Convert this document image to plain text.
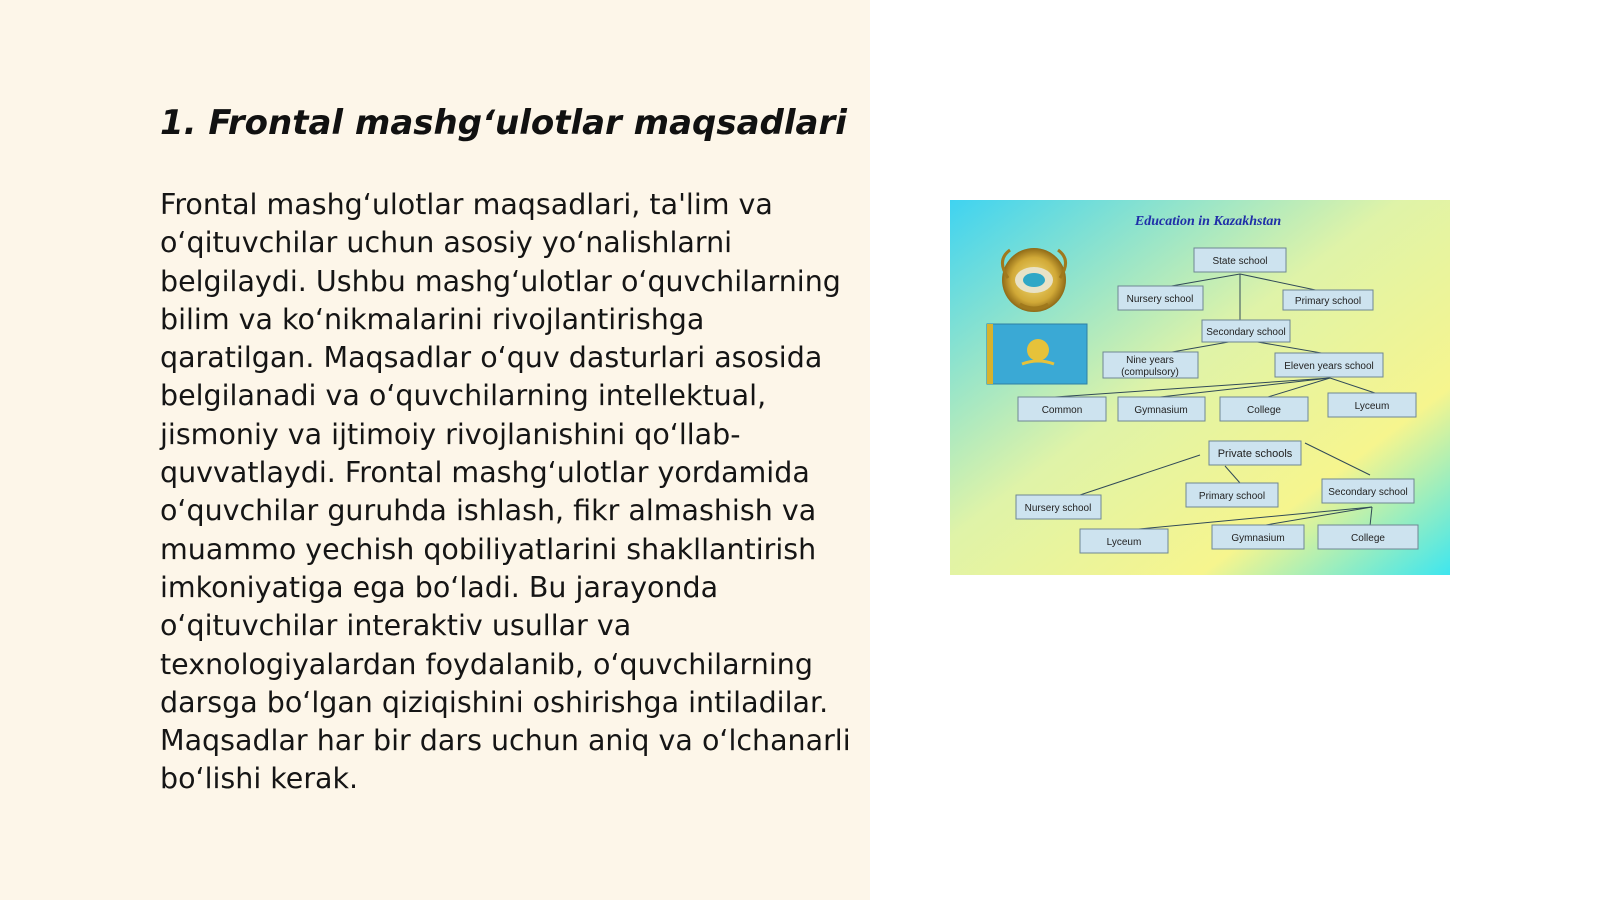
1. Frontal mashg‘ulotlar maqsadlari

Frontal mashg‘ulotlar maqsadlari, ta'lim va o‘qituvchilar uchun asosiy yo‘nalishlarni belgilaydi. Ushbu mashg‘ulotlar o‘quvchilarning bilim va ko‘nikmalarini rivojlantirishga qaratilgan. Maqsadlar o‘quv dasturlari asosida belgilanadi va o‘quvchilarning intellektual, jismoniy va ijtimoiy rivojlanishini qo‘llab-quvvatlaydi. Frontal mashg‘ulotlar yordamida o‘quvchilar guruhda ishlash, fikr almashish va muammo yechish qobiliyatlarini shakllantirish imkoniyatiga ega bo‘ladi. Bu jarayonda o‘qituvchilar interaktiv usullar va texnologiyalardan foydalanib, o‘quvchilarning darsga bo‘lgan qiziqishini oshirishga intiladilar. Maqsadlar har bir dars uchun aniq va o‘lchanarli bo‘lishi kerak.

Education in Kazakhstan
State school
Nursery school	Primary school
Secondary school
Nine years
(compulsory)
Eleven years school
Common	Gymnasium	College	Lyceum
Private schools
Primary school	Secondary school
Nursery school
Lyceum	Gymnasium	College
